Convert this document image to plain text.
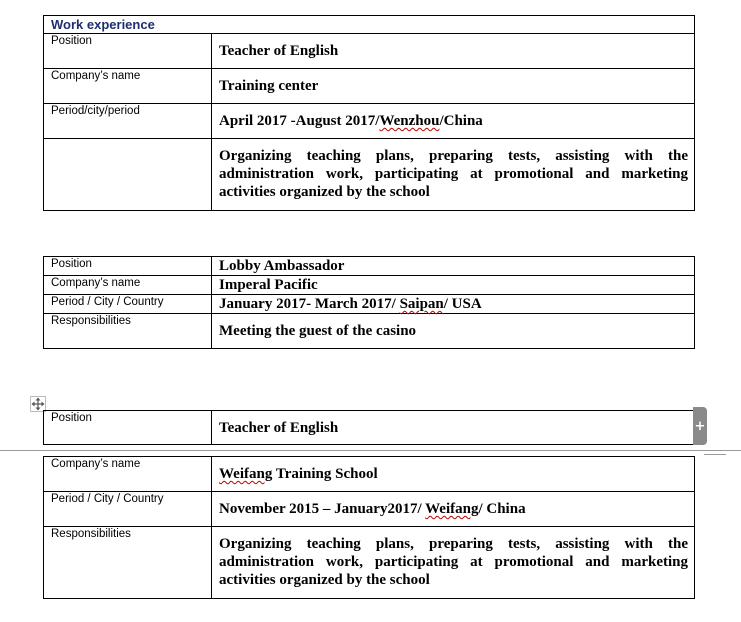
Work experience	
Position	Teacher of English
Company’s name	Training center
Period/city/period	April 2017 -August 2017/Wenzhou/China
	Organizing teaching plans, preparing tests, assisting with the administration work, participating at promotional and marketing activities organized by the school
Position	Lobby Ambassador
Company’s name	Imperal Pacific
Period / City / Country	January 2017- March 2017/ Saipan/ USA
Responsibilities	Meeting the guest of the casino
Position	Teacher of English	+
Company’s name	Weifang Training School
Period / City / Country	November 2015 – January2017/ Weifang/ China
Responsibilities	Organizing teaching plans, preparing tests, assisting with the administration work, participating at promotional and marketing activities organized by the school
